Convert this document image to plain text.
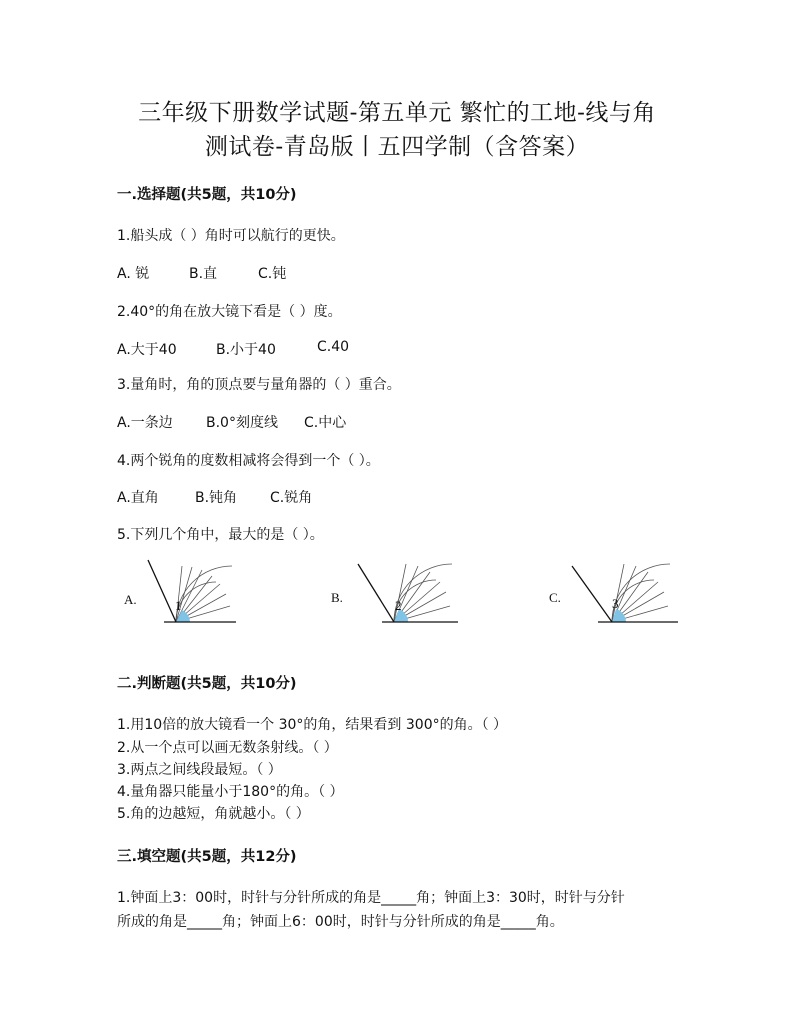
三年级下册数学试题-第五单元 繁忙的工地-线与角
测试卷-青岛版丨五四学制（含答案）
一.选择题(共5题，共10分)
1.船头成（ ）角时可以航行的更快。
A. 锐	B.直	C.钝
2.40°的角在放大镜下看是（ ）度。
A.大于40	B.小于40	C.40
3.量角时，角的顶点要与量角器的（ ）重合。
A.一条边 B.0°刻度线 C.中心
4.两个锐角的度数相减将会得到一个（ ）。
A.直角	B.钝角 C.锐角
5.下列几个角中，最大的是（ ）。
A.	1
B.
2
C.	3
二.判断题(共5题，共10分)
1.用10倍的放大镜看一个 30°的角，结果看到 300°的角。（ ）
2.从一个点可以画无数条射线。（ ）
3.两点之间线段最短。（ ）
4.量角器只能量小于180°的角。（ ）
5.角的边越短，角就越小。（ ）
三.填空题(共5题，共12分)
1.钟面上3：00时，时针与分针所成的角是_____角；钟面上3：30时，时针与分针
所成的角是_____角；钟面上6：00时，时针与分针所成的角是_____角。
